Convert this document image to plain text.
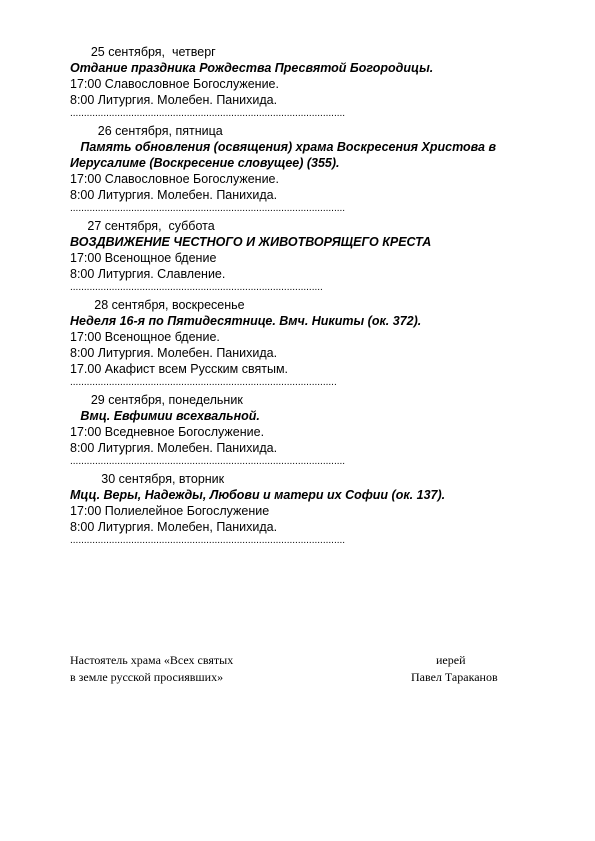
25 сентября,  четверг
Отдание праздника Рождества Пресвятой Богородицы.
17:00 Славословное Богослужение.
8:00 Литургия. Молебен. Панихида.
...................................................................................................
26 сентября, пятница
Память обновления (освящения) храма Воскресения Христова в Иерусалиме (Воскресение словущее) (355).
17:00 Славословное Богослужение.
8:00 Литургия. Молебен. Панихида.
...................................................................................................
27 сентября,  суббота
ВОЗДВИЖЕНИЕ ЧЕСТНОГО И ЖИВОТВОРЯЩЕГО КРЕСТА
17:00 Всенощное бдение
8:00 Литургия. Славление.
...........................................................................................
28 сентября, воскресенье
Неделя 16-я по Пятидесятнице. Вмч. Никиты (ок. 372).
17:00 Всенощное бдение.
8:00 Литургия. Молебен. Панихида.
17.00 Акафист всем Русским святым.
................................................................................................
29 сентября, понедельник
Вмц. Евфимии всехвальной.
17:00 Вседневное Богослужение.
8:00 Литургия. Молебен. Панихида.
...................................................................................................
30 сентября, вторник
Мцц. Веры, Надежды, Любови и матери их Софии (ок. 137).
17:00 Полиелейное Богослужение
8:00 Литургия. Молебен, Панихида.
...................................................................................................
Настоятель храма «Всех святых
в земле русской просиявших»
иерей
Павел Тараканов
